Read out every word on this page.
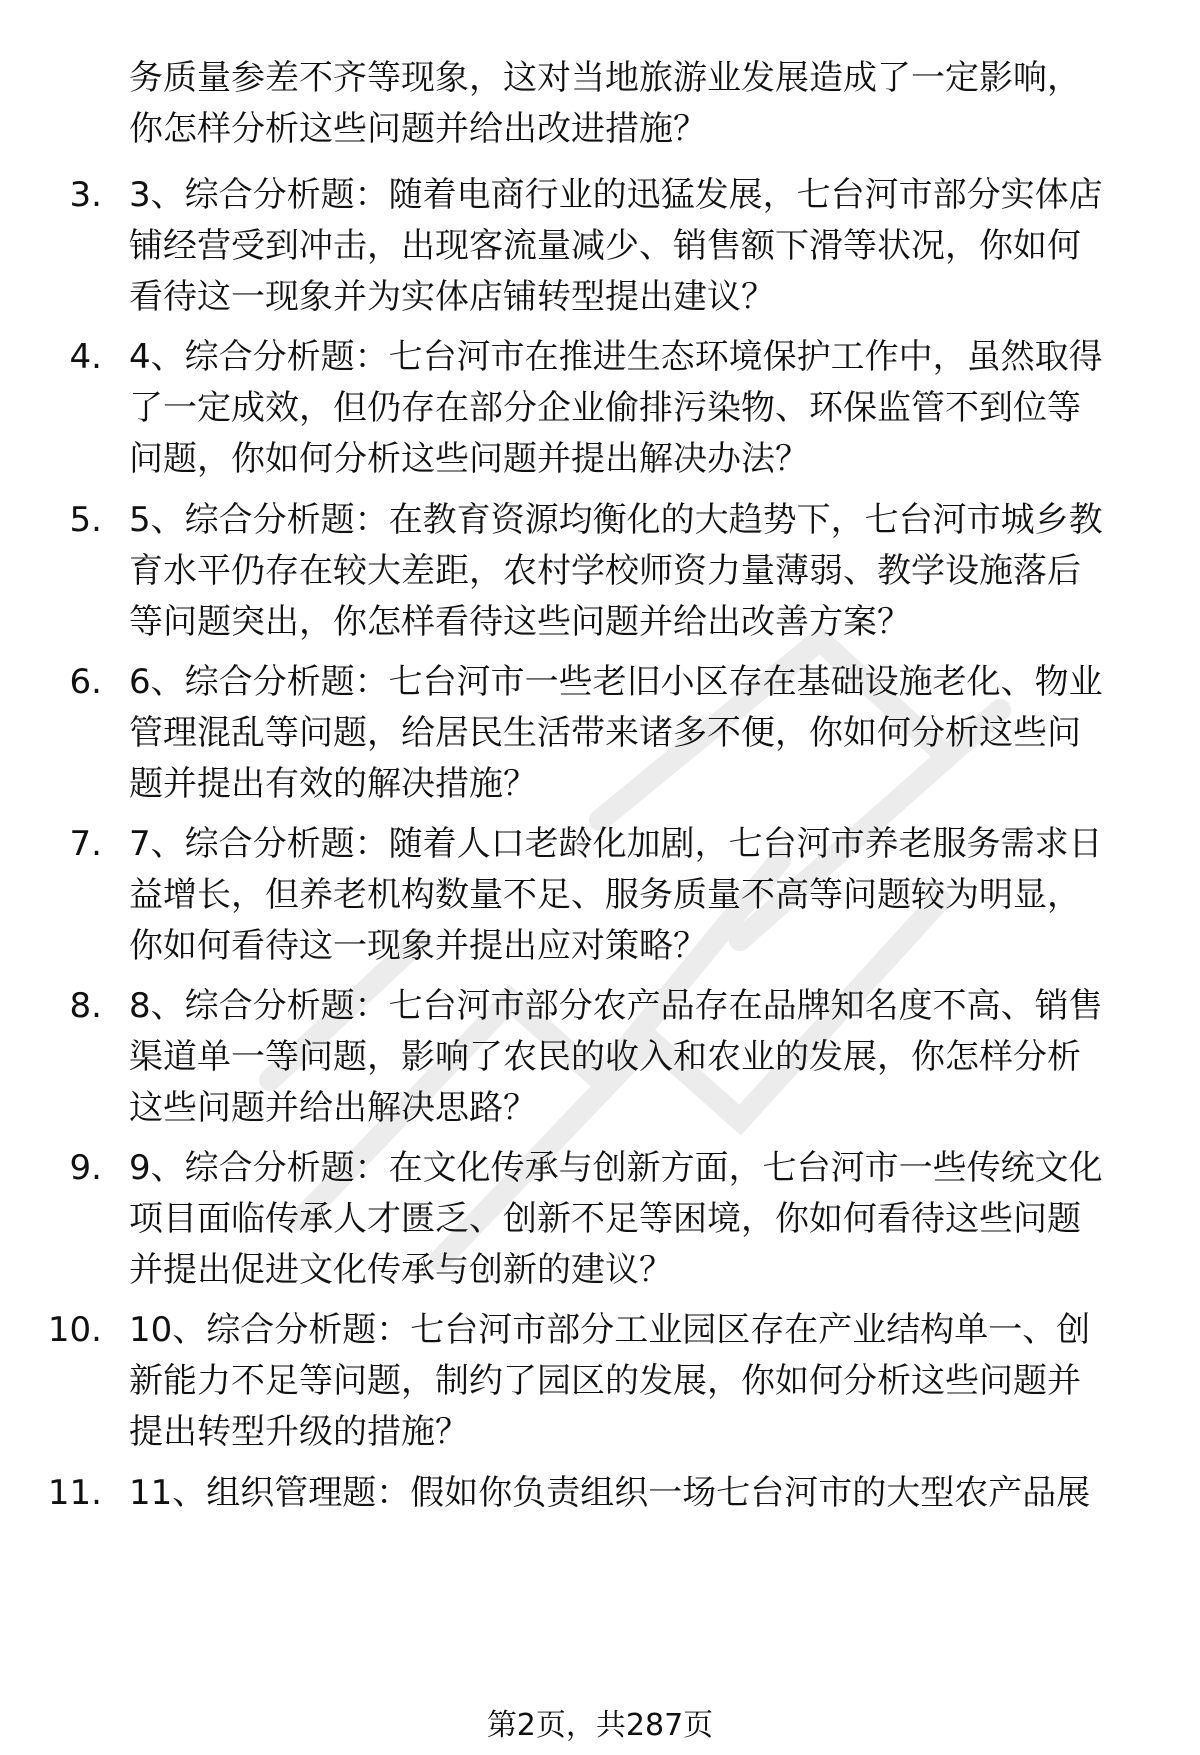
务质量参差不齐等现象，这对当地旅游业发展造成了一定影响，
你怎样分析这些问题并给出改进措施？
3. 3、综合分析题：随着电商行业的迅猛发展，七台河市部分实体店
铺经营受到冲击，出现客流量减少、销售额下滑等状况，你如何
看待这一现象并为实体店铺转型提出建议？
4. 4、综合分析题：七台河市在推进生态环境保护工作中，虽然取得
了一定成效，但仍存在部分企业偷排污染物、环保监管不到位等
问题，你如何分析这些问题并提出解决办法？
5. 5、综合分析题：在教育资源均衡化的大趋势下，七台河市城乡教
育水平仍存在较大差距，农村学校师资力量薄弱、教学设施落后
等问题突出，你怎样看待这些问题并给出改善方案？
6. 6、综合分析题：七台河市一些老旧小区存在基础设施老化、物业
管理混乱等问题，给居民生活带来诸多不便，你如何分析这些问
题并提出有效的解决措施？
7. 7、综合分析题：随着人口老龄化加剧，七台河市养老服务需求日
益增长，但养老机构数量不足、服务质量不高等问题较为明显，
你如何看待这一现象并提出应对策略？
8. 8、综合分析题：七台河市部分农产品存在品牌知名度不高、销售
渠道单一等问题，影响了农民的收入和农业的发展，你怎样分析
这些问题并给出解决思路？
9. 9、综合分析题：在文化传承与创新方面，七台河市一些传统文化
项目面临传承人才匮乏、创新不足等困境，你如何看待这些问题
并提出促进文化传承与创新的建议？
10. 10、综合分析题：七台河市部分工业园区存在产业结构单一、创
新能力不足等问题，制约了园区的发展，你如何分析这些问题并
提出转型升级的措施？
11. 11、组织管理题：假如你负责组织一场七台河市的大型农产品展
第2页，共287页
